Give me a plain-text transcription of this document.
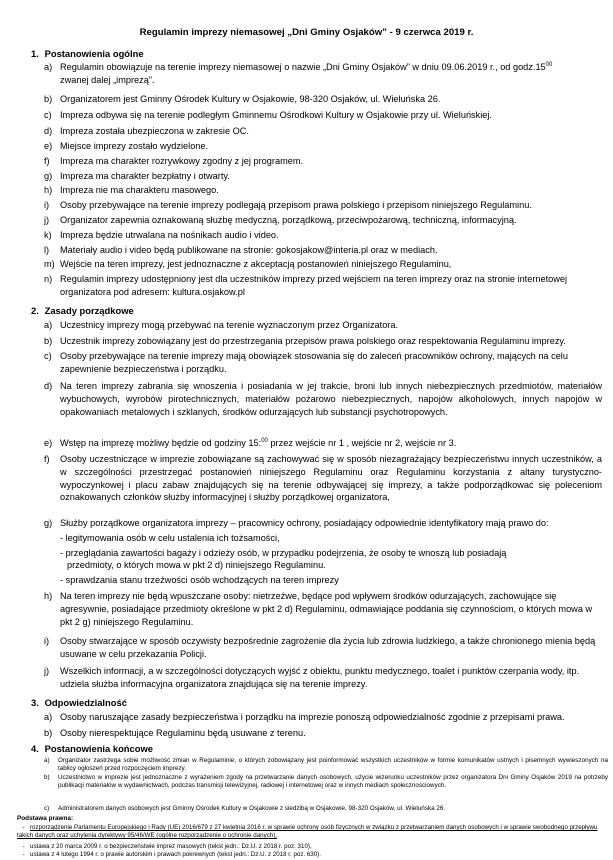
Regulamin imprezy niemasowej „Dni Gminy Osjaków” - 9 czerwca 2019 r.
1. Postanowienia ogólne
a) Regulamin obowiązuje na terenie imprezy niemasowej o nazwie „Dni Gminy Osjaków” w dniu 09.06.2019 r., od $godz.15^{00}$
zwanej dalej „imprezą”.
b) Organizatorem jest Gminny Ośrodek Kultury w Osjakowie, 98-320 Osjaków, ul. Wieluńska 26.
c) Impreza odbywa się na terenie podległym Gminnemu Ośrodkowi Kultury w Osjakowie przy ul. Wieluńskiej.
d) Impreza została ubezpieczona w zakresie OC.
e) Miejsce imprezy zostało wydzielone.
f) Impreza ma charakter rozrywkowy zgodny z jej programem.
g) Impreza ma charakter bezpłatny i otwarty.
h) Impreza nie ma charakteru masowego.
i) Osoby przebywające na terenie imprezy podlegają przepisom prawa polskiego i przepisom niniejszego Regulaminu.
j) Organizator zapewnia oznakowaną służbę medyczną, porządkową, przeciwpożarową, techniczną, informacyjną.
k) Impreza będzie utrwalana na nośnikach audio i video.
l) Materiały audio i video będą publikowane na stronie: gokosjakow@interia.pl oraz w mediach.
m) Wejście na teren imprezy, jest jednoznaczne z akceptacją postanowień niniejszego Regulaminu,
n) Regulamin imprezy udostępniony jest dla uczestników imprezy przed wejściem na teren imprezy oraz na stronie internetowej organizatora pod adresem: kultura.osjakow.pl
2. Zasady porządkowe
a) Uczestnicy imprezy mogą przebywać na terenie wyznaczonym przez Organizatora.
b) Uczestnik imprezy zobowiązany jest do przestrzegania przepisów prawa polskiego oraz respektowania Regulaminu imprezy.
c) Osoby przebywające na terenie imprezy mają obowiązek stosowania się do zaleceń pracowników ochrony, mających na celu zapewnienie bezpieczeństwa i porządku.
d) Na teren imprezy zabrania się wnoszenia i posiadania w jej trakcie, broni lub innych niebezpiecznych przedmiotów, materiałów wybuchowych, wyrobów pirotechnicznych, materiałów pożarowo niebezpiecznych, napojów alkoholowych, innych napojów w opakowaniach metalowych i szklanych, środków odurzających lub substancji psychotropowych.
e) Wstęp na imprezę możliwy będzie od godziny 15:$^{00}$ przez wejście nr 1 , wejście nr 2, wejście nr 3.
f) Osoby uczestniczące w imprezie zobowiązane są zachowywać się w sposób niezagrażający bezpieczeństwu innych uczestników, a w szczególności przestrzegać postanowień niniejszego Regulaminu oraz Regulaminu korzystania z altany turystyczno-wypoczynkowej i placu zabaw znajdujących się na terenie odbywającej się imprezy, a także podporządkować się poleceniom oznakowanych członków służby informacyjnej i służby porządkowej organizatora,
g) Służby porządkowe organizatora imprezy – pracownicy ochrony, posiadający odpowiednie identyfikatory mają prawo do:
- legitymowania osób w celu ustalenia ich tożsamości,
- przeglądania zawartości bagaży i odzieży osób, w przypadku podejrzenia, że osoby te wnoszą lub posiadają
przedmioty, o których mowa w pkt 2 d) niniejszego Regulaminu.
- sprawdzania stanu trzeźwości osób wchodzących na teren imprezy
h) Na teren imprezy nie będą wpuszczane osoby: nietrzeźwe, będące pod wpływem środków odurzających, zachowujące się agresywnie, posiadające przedmioty określone w pkt 2 d) Regulaminu, odmawiające poddania się czynnościom, o których mowa w pkt 2 g) niniejszego Regulaminu.
i) Osoby stwarzające w sposób oczywisty bezpośrednie zagrożenie dla życia lub zdrowia ludzkiego, a także chronionego mienia będą usuwane w celu przekazania Policji.
j) Wszelkich informacji, a w szczególności dotyczących wyjść z obiektu, punktu medycznego, toalet i punktów czerpania wody, itp. udziela służba informacyjna organizatora znajdująca się na terenie imprezy.
3. Odpowiedzialność
a) Osoby naruszające zasady bezpieczeństwa i porządku na imprezie ponoszą odpowiedzialność zgodnie z przepisami prawa.
b) Osoby nierespektujące Regulaminu będą usuwane z terenu.
4. Postanowienia końcowe
a) Organizator zastrzega sobie możliwość zmian w Regulaminie, o których zobowiązany jest poinformować wszystkich uczestników w formie komunikatów ustnych i pisemnych wywieszonych na tablicy ogłoszeń przed rozpoczęciem imprezy.
b) Uczestnictwo w imprezie jest jednoznaczne z wyrażeniem zgody na przetwarzanie danych osobowych, użycie wizerunku uczestników przez organizatora Dni Gminy Osjaków 2019 na potrzeby publikacji materiałów w wydawnictwach, podczas transmisji telewizyjnej, radiowej i internetowej oraz w innych mediach społecznościowych.
c) Administratorem danych osobowych jest Gminny Ośrodek Kultury w Osjakowie z siedzibą w Osjakowie, 98-320 Osjaków, ul. Wieluńska 26.
Podstawa prawna:
- rozporządzenie Parlamentu Europejskiego i Rady (UE) 2016/679 z 27 kwietnia 2016 r. w sprawie ochrony osób fizycznych w związku z przetwarzaniem danych osobowych i w sprawie swobodnego przepływu takich danych oraz uchylenia dyrektywy 95/46/WE (ogólne rozporządzenie o ochronie danych),
- ustawa z 20 marca 2009 r. o bezpieczeństwie imprez masowych (tekst jedn.: Dz.U. z 2018 r. poz. 310),
- ustawa z 4 lutego 1994 r. o prawie autorskim i prawach pokrewnych (tekst jedn.: Dz.U. z 2018 r. poz. 630).
